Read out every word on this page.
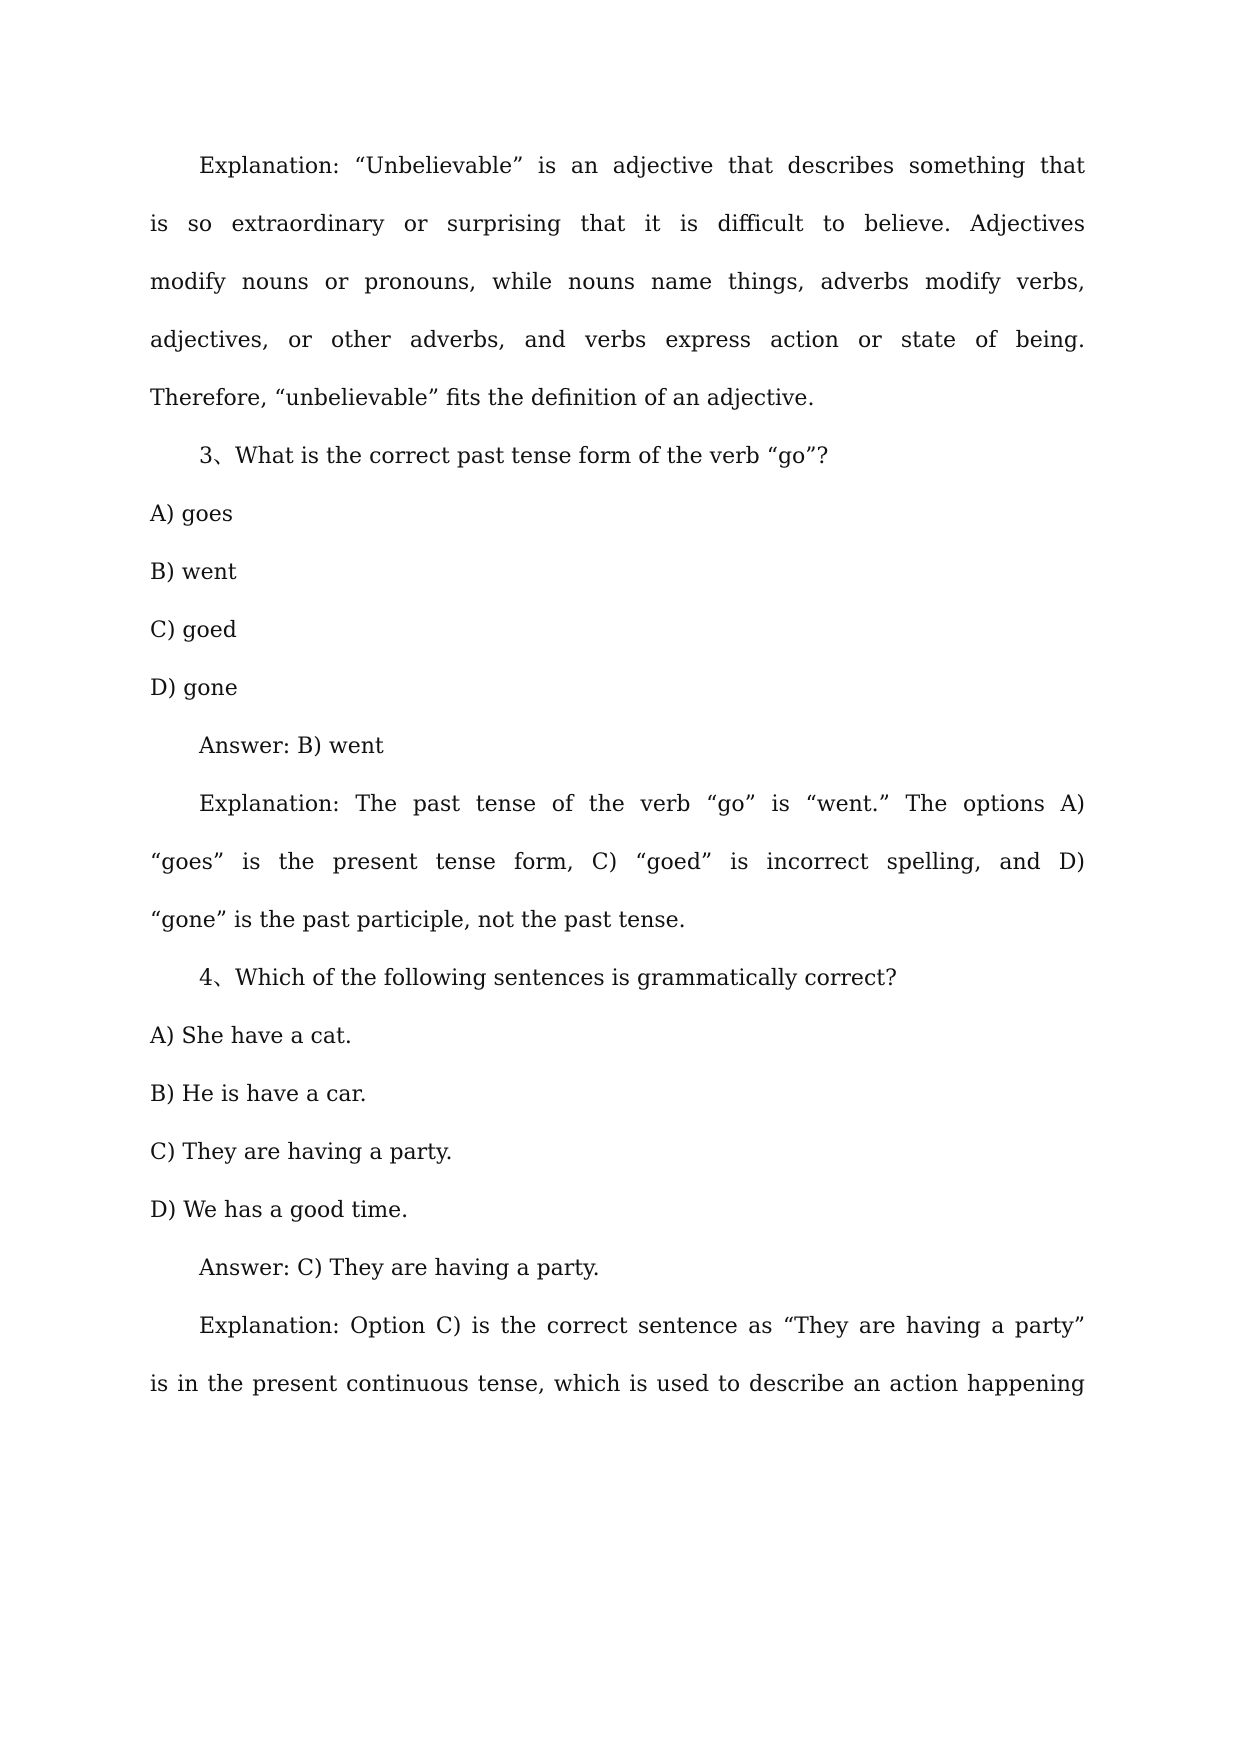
Explanation: “Unbelievable” is an adjective that describes something that
is so extraordinary or surprising that it is difficult to believe. Adjectives
modify nouns or pronouns, while nouns name things, adverbs modify verbs,
adjectives, or other adverbs, and verbs express action or state of being.
Therefore, “unbelievable” fits the definition of an adjective.
3、What is the correct past tense form of the verb “go”?
A) goes
B) went
C) goed
D) gone
Answer: B) went
Explanation: The past tense of the verb “go” is “went.” The options A)
“goes” is the present tense form, C) “goed” is incorrect spelling, and D)
“gone” is the past participle, not the past tense.
4、Which of the following sentences is grammatically correct?
A) She have a cat.
B) He is have a car.
C) They are having a party.
D) We has a good time.
Answer: C) They are having a party.
Explanation: Option C) is the correct sentence as “They are having a party”
is in the present continuous tense, which is used to describe an action happening
